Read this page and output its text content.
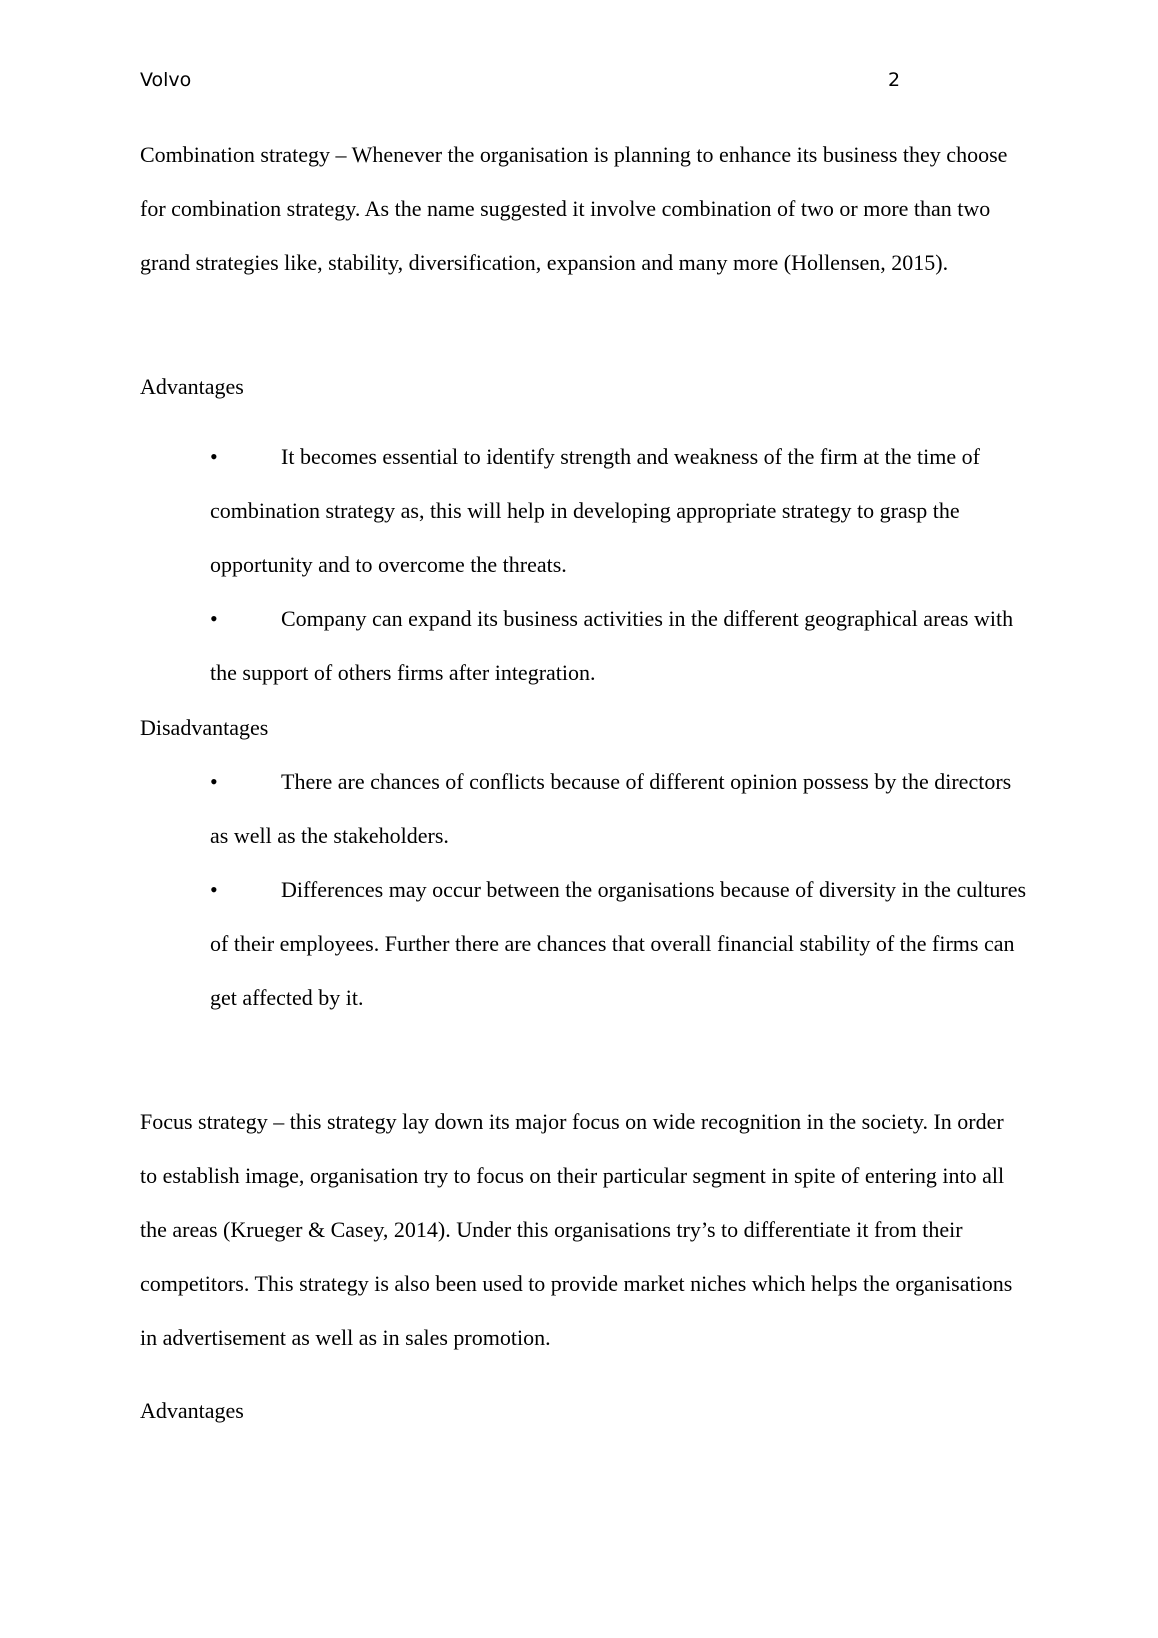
Volvo	2

Combination strategy – Whenever the organisation is planning to enhance its business they choose for combination strategy. As the name suggested it involve combination of two or more than two grand strategies like, stability, diversification, expansion and many more (Hollensen, 2015).

Advantages
•	It becomes essential to identify strength and weakness of the firm at the time of combination strategy as, this will help in developing appropriate strategy to grasp the opportunity and to overcome the threats.
•	Company can expand its business activities in the different geographical areas with the support of others firms after integration.
Disadvantages
•	There are chances of conflicts because of different opinion possess by the directors as well as the stakeholders.
•	Differences may occur between the organisations because of diversity in the cultures of their employees. Further there are chances that overall financial stability of the firms can get affected by it.

Focus strategy – this strategy lay down its major focus on wide recognition in the society. In order to establish image, organisation try to focus on their particular segment in spite of entering into all the areas (Krueger & Casey, 2014). Under this organisations try’s to differentiate it from their competitors. This strategy is also been used to provide market niches which helps the organisations in advertisement as well as in sales promotion.

Advantages
